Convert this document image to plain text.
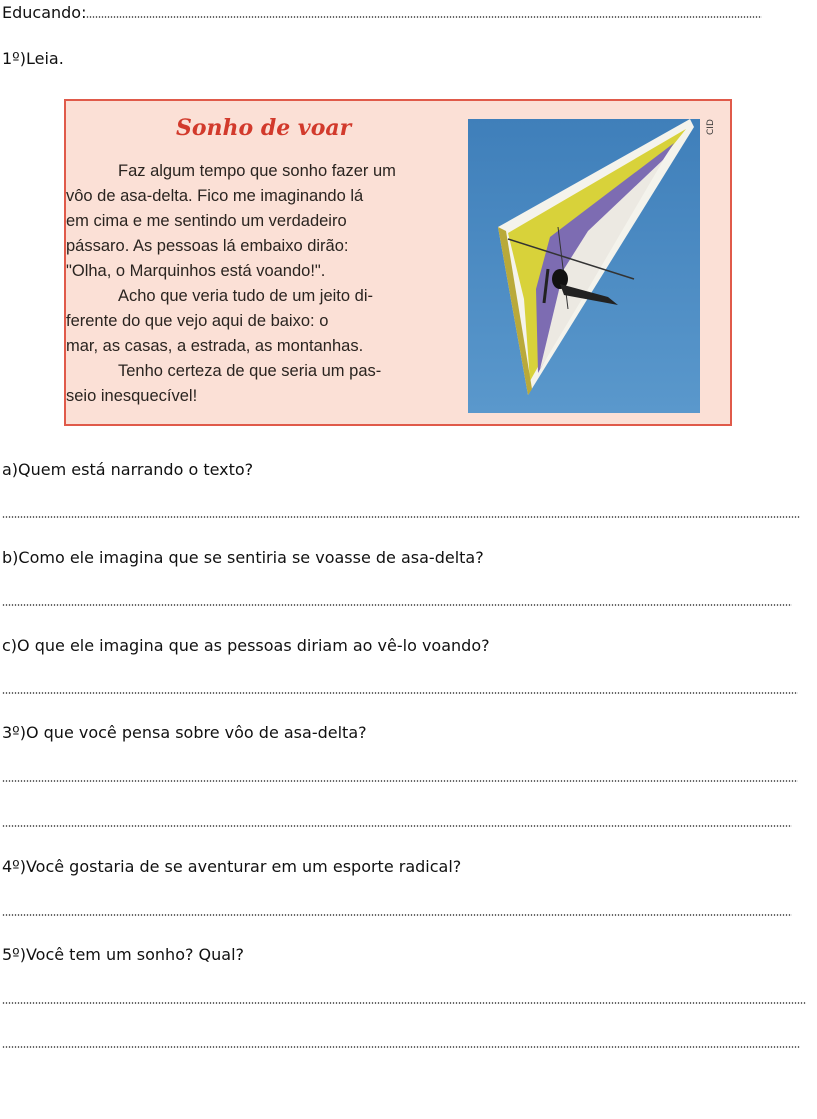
Educando:
1º)Leia.
Sonho de voar

Faz algum tempo que sonho fazer um
vôo de asa-delta. Fico me imaginando lá
em cima e me sentindo um verdadeiro
pássaro. As pessoas lá embaixo dirão:
"Olha, o Marquinhos está voando!".

Acho que veria tudo de um jeito di-
ferente do que vejo aqui de baixo: o
mar, as casas, a estrada, as montanhas.

Tenho certeza de que seria um pas-
seio inesquecível!

CID
a)Quem está narrando o texto?
b)Como ele imagina que se sentiria se voasse de asa-delta?
c)O que ele imagina que as pessoas diriam ao vê-lo voando?
3º)O que você pensa sobre vôo de asa-delta?
4º)Você gostaria de se aventurar em um esporte radical?
5º)Você tem um sonho? Qual?
